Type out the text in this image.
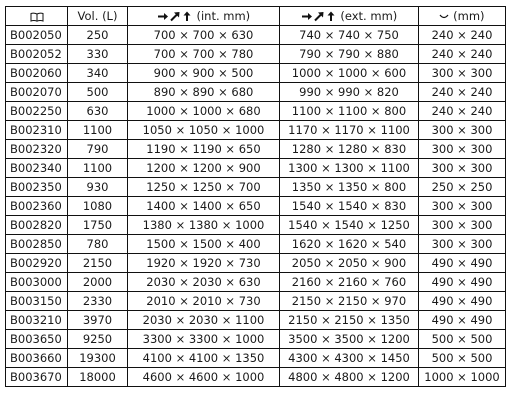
	Vol. (L)	(int. mm)	(ext. mm)	(mm)
B002050	250	700 × 700 × 630	740 × 740 × 750	240 × 240
B002052	330	700 × 700 × 780	790 × 790 × 880	240 × 240
B002060	340	900 × 900 × 500	1000 × 1000 × 600	300 × 300
B002070	500	890 × 890 × 680	990 × 990 × 820	240 × 240
B002250	630	1000 × 1000 × 680	1100 × 1100 × 800	240 × 240
B002310	1100	1050 × 1050 × 1000	1170 × 1170 × 1100	300 × 300
B002320	790	1190 × 1190 × 650	1280 × 1280 × 830	300 × 300
B002340	1100	1200 × 1200 × 900	1300 × 1300 × 1100	300 × 300
B002350	930	1250 × 1250 × 700	1350 × 1350 × 800	250 × 250
B002360	1080	1400 × 1400 × 650	1540 × 1540 × 830	300 × 300
B002820	1750	1380 × 1380 × 1000	1540 × 1540 × 1250	300 × 300
B002850	780	1500 × 1500 × 400	1620 × 1620 × 540	300 × 300
B002920	2150	1920 × 1920 × 730	2050 × 2050 × 900	490 × 490
B003000	2000	2030 × 2030 × 630	2160 × 2160 × 760	490 × 490
B003150	2330	2010 × 2010 × 730	2150 × 2150 × 970	490 × 490
B003210	3970	2030 × 2030 × 1100	2150 × 2150 × 1350	490 × 490
B003650	9250	3300 × 3300 × 1000	3500 × 3500 × 1200	500 × 500
B003660	19300	4100 × 4100 × 1350	4300 × 4300 × 1450	500 × 500
B003670	18000	4600 × 4600 × 1000	4800 × 4800 × 1200	1000 × 1000
